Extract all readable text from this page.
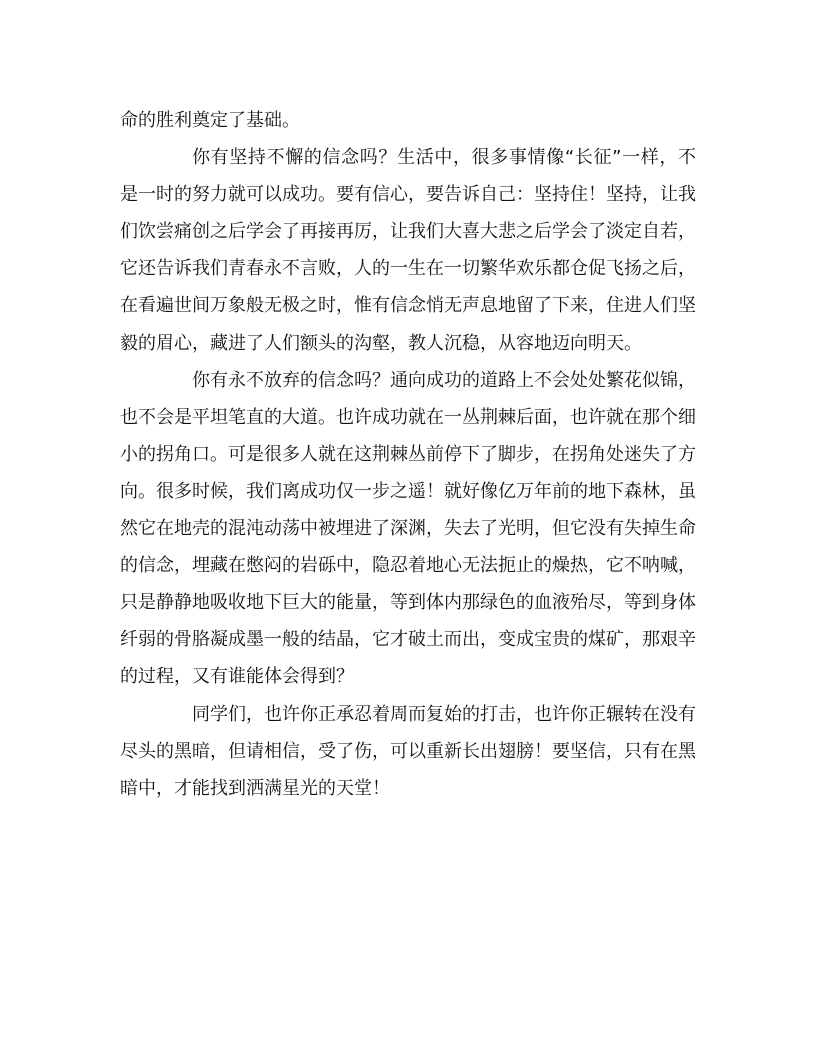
命的胜利奠定了基础。

你有坚持不懈的信念吗？生活中，很多事情像“长征”一样，不是一时的努力就可以成功。要有信心，要告诉自己：坚持住！坚持，让我们饮尝痛创之后学会了再接再厉，让我们大喜大悲之后学会了淡定自若，它还告诉我们青春永不言败，人的一生在一切繁华欢乐都仓促飞扬之后，在看遍世间万象般无极之时，惟有信念悄无声息地留了下来，住进人们坚毅的眉心，藏进了人们额头的沟壑，教人沉稳，从容地迈向明天。

你有永不放弃的信念吗？通向成功的道路上不会处处繁花似锦，也不会是平坦笔直的大道。也许成功就在一丛荆棘后面，也许就在那个细小的拐角口。可是很多人就在这荆棘丛前停下了脚步，在拐角处迷失了方向。很多时候，我们离成功仅一步之遥！就好像亿万年前的地下森林，虽然它在地壳的混沌动荡中被埋进了深渊，失去了光明，但它没有失掉生命的信念，埋藏在憋闷的岩砾中，隐忍着地心无法扼止的燥热，它不呐喊，只是静静地吸收地下巨大的能量，等到体内那绿色的血液殆尽，等到身体纤弱的骨胳凝成墨一般的结晶，它才破土而出，变成宝贵的煤矿，那艰辛的过程，又有谁能体会得到？

同学们，也许你正承忍着周而复始的打击，也许你正辗转在没有尽头的黑暗，但请相信，受了伤，可以重新长出翅膀！要坚信，只有在黑暗中，才能找到洒满星光的天堂！
